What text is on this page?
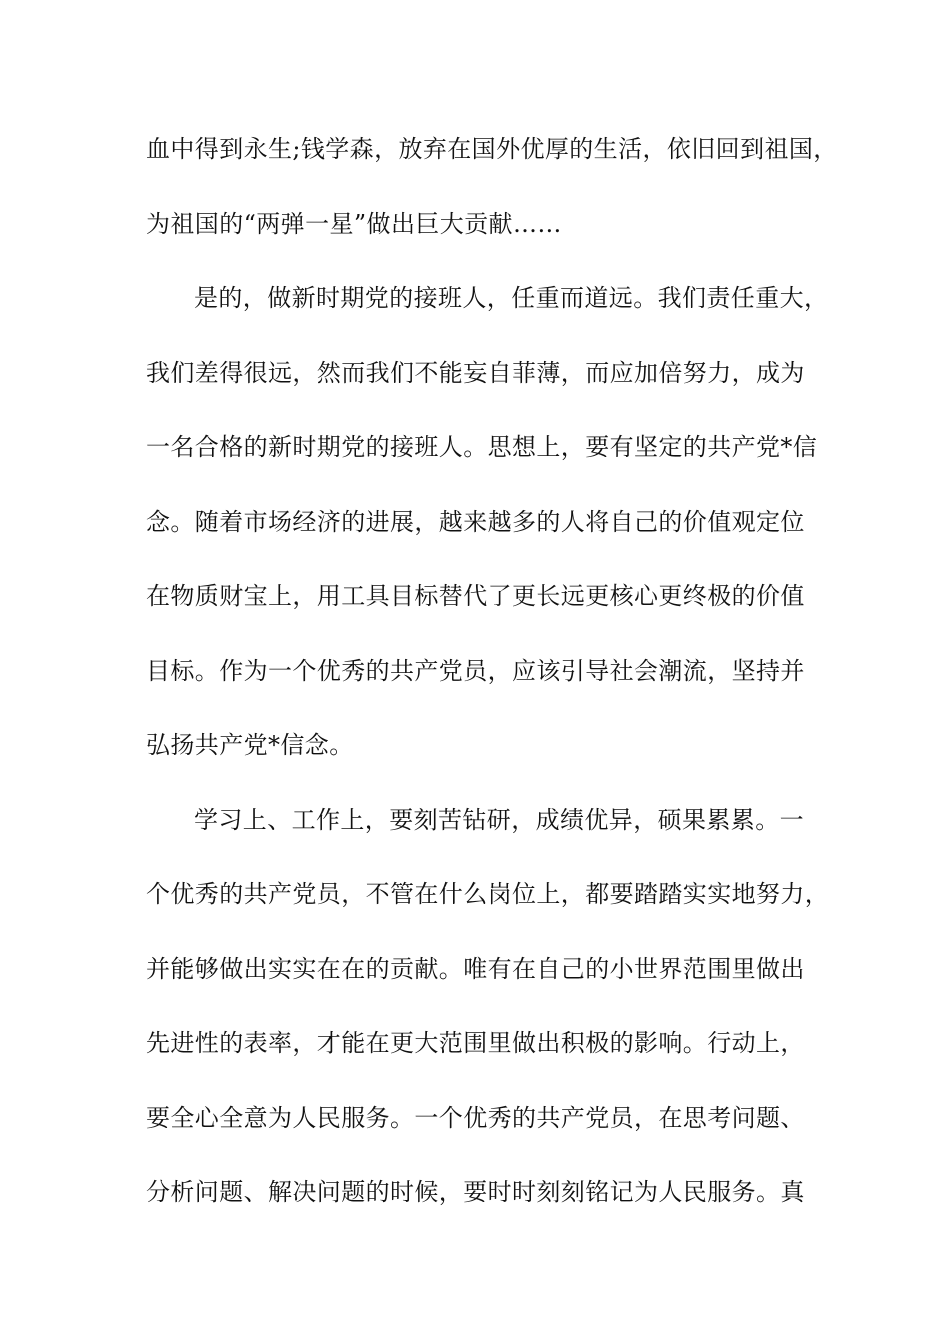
血中得到永生;钱学森，放弃在国外优厚的生活，依旧回到祖国，
为祖国的“两弹一星”做出巨大贡献……
是的，做新时期党的接班人，任重而道远。我们责任重大，
我们差得很远，然而我们不能妄自菲薄，而应加倍努力，成为
一名合格的新时期党的接班人。思想上，要有坚定的共产党*信
念。随着市场经济的进展，越来越多的人将自己的价值观定位
在物质财宝上，用工具目标替代了更长远更核心更终极的价值
目标。作为一个优秀的共产党员，应该引导社会潮流，坚持并
弘扬共产党*信念。
学习上、工作上，要刻苦钻研，成绩优异，硕果累累。一
个优秀的共产党员，不管在什么岗位上，都要踏踏实实地努力，
并能够做出实实在在的贡献。唯有在自己的小世界范围里做出
先进性的表率，才能在更大范围里做出积极的影响。行动上，
要全心全意为人民服务。一个优秀的共产党员，在思考问题、
分析问题、解决问题的时候，要时时刻刻铭记为人民服务。真
